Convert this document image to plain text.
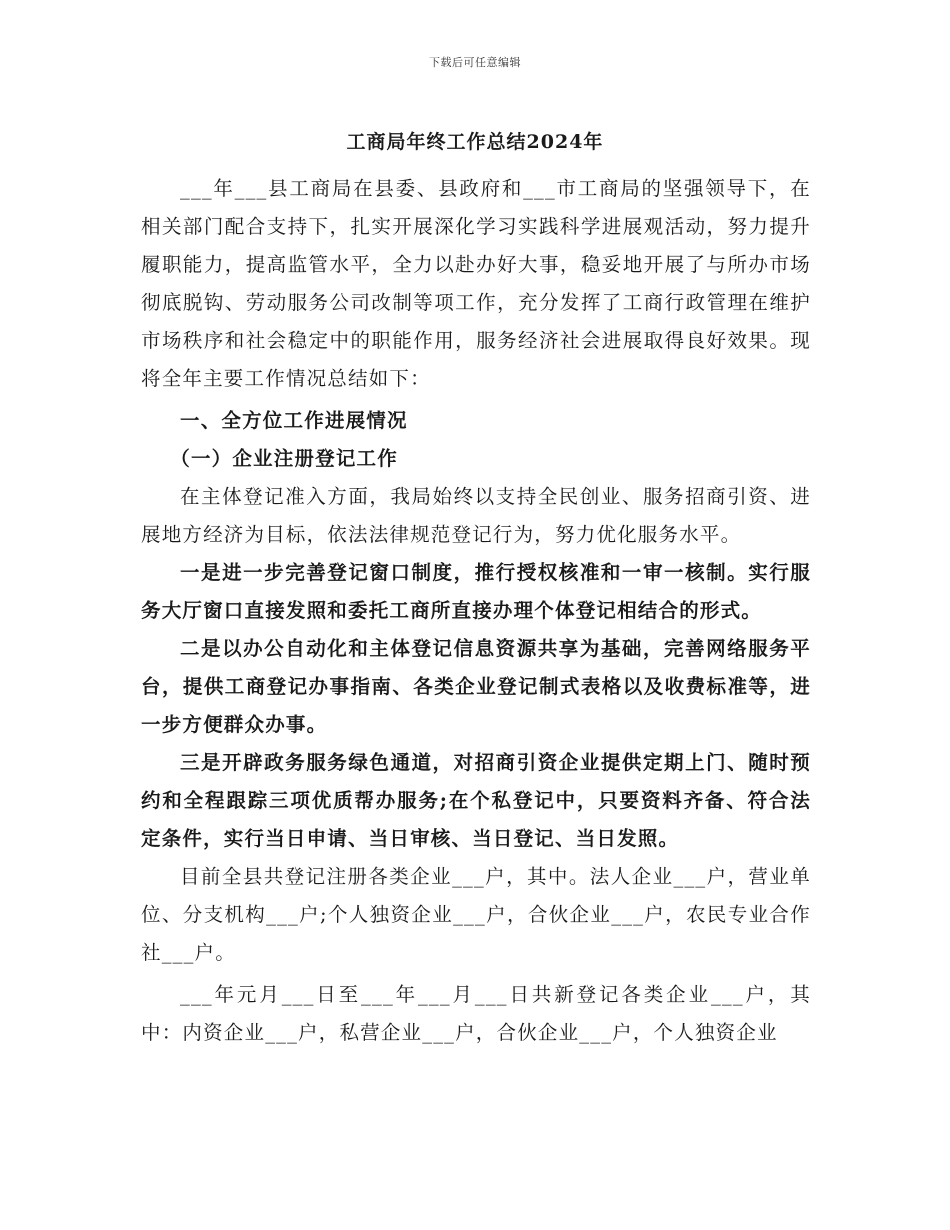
下载后可任意编辑
工商局年终工作总结2024年

___年___县工商局在县委、县政府和___市工商局的坚强领导下，在相关部门配合支持下，扎实开展深化学习实践科学进展观活动，努力提升履职能力，提高监管水平，全力以赴办好大事，稳妥地开展了与所办市场彻底脱钩、劳动服务公司改制等项工作，充分发挥了工商行政管理在维护市场秩序和社会稳定中的职能作用，服务经济社会进展取得良好效果。现将全年主要工作情况总结如下：

一、全方位工作进展情况

（一）企业注册登记工作

在主体登记准入方面，我局始终以支持全民创业、服务招商引资、进展地方经济为目标，依法法律规范登记行为，努力优化服务水平。

一是进一步完善登记窗口制度，推行授权核准和一审一核制。实行服务大厅窗口直接发照和委托工商所直接办理个体登记相结合的形式。

二是以办公自动化和主体登记信息资源共享为基础，完善网络服务平台，提供工商登记办事指南、各类企业登记制式表格以及收费标准等，进一步方便群众办事。

三是开辟政务服务绿色通道，对招商引资企业提供定期上门、随时预约和全程跟踪三项优质帮办服务;在个私登记中，只要资料齐备、符合法定条件，实行当日申请、当日审核、当日登记、当日发照。

目前全县共登记注册各类企业___户，其中。法人企业___户，营业单位、分支机构___户;个人独资企业___户，合伙企业___户，农民专业合作社___户。

___年元月___日至___年___月___日共新登记各类企业___户，其中：内资企业___户，私营企业___户，合伙企业___户，个人独资企业
